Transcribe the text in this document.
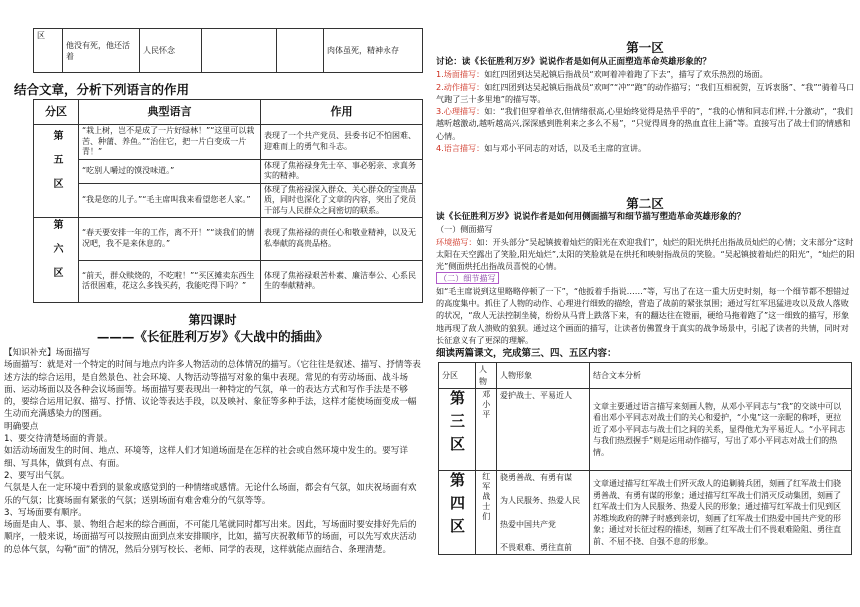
区	他没有死，他还活着	人民怀念			肉体虽死，精神永存
结合文章，分析下列语言的作用
分区	典型语言	作用
第五区	“栽上树，岂不是成了一片好绿林！”“这里可以栽苦、种蒲、养鱼。”“治住它，把一片白变成一片青！”	表现了一个共产党员、县委书记不怕困难、迎难而上的勇气和斗志。
	“吃别人嚼过的馍没味道。”	体现了焦裕禄身先士卒、事必躬亲、求真务实的精神。
	“我是您的儿子。”“毛主席叫我来看望您老人家。”	体现了焦裕禄深入群众、关心群众的宝贵品质，同时也深化了文章的内容，突出了党员干部与人民群众之间密切的联系。
第六区	“春天要安排一年的工作，离不开！”“谈我们的情况吧，我不是来休息的。”	表现了焦裕禄的责任心和敬业精神，以及无私奉献的高贵品格。
	“前天，群众赎烧的，不吃啦！”“买区摊卖东西生活很困难，花这么多钱买药，我能吃得下吗？”	体现了焦裕禄艰苦朴素、廉洁奉公、心系民生的奉献精神。
第四课时
———《长征胜利万岁》《大战中的插曲》

【知识补充】场面描写

场面描写：就是对一个特定的时间与地点内许多人物活动的总体情况的描写。（它往往是叙述、描写、抒情等表述方法的综合运用，是自然景色、社会环境、人物活动等描写对象的集中表现。常见的有劳动场面、战斗场面、运动场面以及各种会议场面等。场面描写要表现出一种特定的气氛，单一的表达方式和写作手法是不够的，要综合运用记叙、描写、抒情、议论等表达手段，以及映衬、象征等多种手法，这样才能使场面变成一幅生动而充满感染力的图画。

明确要点

1、要交待清楚场面的背景。

如活动场面发生的时间、地点、环境等，这样人们才知道场面是在怎样的社会或自然环境中发生的。要写详细、写具体，做到有点、有面。

2、要写出气氛。

气氛是人在一定环境中看到的景象或感觉到的一种情绪或感情。无论什么场面，都会有气氛，如庆祝场面有欢乐的气氛；比赛场面有紧张的气氛；送别场面有难舍难分的气氛等等。

3、写场面要有顺序。

场面是由人、事、景、物组合起来的综合画面，不可能几笔就同时都写出来。因此，写场面时要安排好先后的顺序，一般来说，场面描写可以按照由面到点来安排顺序，比如，描写庆祝教师节的场面，可以先写欢庆活动的总体气氛，勾勒“面”的情况，然后分别写校长、老师、同学的表现，这样就能点面结合、条理清楚。

第一区

讨论：读《长征胜利万岁》说说作者是如何从正面塑造革命英雄形象的？

1.场面描写：如红四团到达吴起镇后指战员“欢呵着冲着跑了下去”，描写了欢乐热烈的场面。

2.动作描写：如红四团到达吴起镇后指战员“欢呵”“冲”“跑”的动作描写；“我们互相祝贺，互诉衷肠”、“我”“骑着马口气跑了三十多里地”的描写等。

3.心理描写：如：“我们但穿着单衣,但情绪很高,心里始终觉得是热乎乎的”，“我的心情和同志们样,十分激动”，“我们越听越激动,越听越高兴,深深感到胜利来之多么不易”，“只觉得周身的热血直往上涌”等。直接写出了战士们的情感和心情。

4.语言描写：如与邓小平同志的对话，以及毛主席的宣讲。

第二区

读《长征胜利万岁》说说作者是如何用侧面描写和细节描写塑造革命英雄形象的？

（一）侧面描写

环境描写：如：开头部分“吴起镇披着灿烂的阳光在欢迎我们”，灿烂的阳光烘托出指战员灿烂的心情；文末部分“这时太阳在天空露出了笑脸,阳光灿烂”,太阳的笑脸就是在烘托和映射指战员的笑脸。“吴起镇披着灿烂的阳光”，“灿烂的阳光”侧面烘托出指战员喜悦的心情。

（二）细节描写

如“毛主席说到这里略略停顿了一下”，“他扳着手指说……”等，写出了在这一重大历史时刻，每一个细节都不想错过的高度集中。抓住了人物的动作、心理进行细致的描绘，营造了战前的紧张氛围；通过写红军迅猛进攻以及敌人落败的状况，“敌人无法控制坐骑，纷纷从马背上跌落下来，有的翻达往在镫丽，硬给马拖着跑了”这一细致的描写，形象地再现了敌人溃败的狼狈。通过这个画面的描写，让读者仿佛置身于真实的战争场景中，引起了读者的共情，同时对长征意义有了更深的理解。

细读两篇课文，完成第三、四、五区内容：

分区	人物	人物形象	结合文本分析
第三区	邓小平	爱护战士、平易近人	文章主要通过语言描写来刻画人物，从邓小平同志与“我”的交谈中可以看出邓小平同志对战士们的关心和爱护，“小鬼”这一亲昵的称呼，更拉近了邓小平同志与战士们之间的关系，显得他尤为平易近人。“小平同志与我们热烈握手”则是运用动作描写，写出了邓小平同志对战士们的热情。
第四区	红军战士们	骁勇善战、有勇有谋

为人民服务、热爱人民

热爱中国共产党

不畏艰难、勇往直前	文章通过描写红军战士们歼灭敌人的追剿骑兵团，刻画了红军战士们骁勇善战、有勇有谋的形象；通过描写红军战士们消灭反动集团，刻画了红军战士们为人民服务、热爱人民的形象；通过描写红军战士们见到区苏维埃政府的牌子时感到亲切，刻画了红军战士们热爱中国共产党的形象；通过对长征过程的描述，刻画了红军战士们不畏艰难险阻、勇往直前、不屈不挠、自强不息的形象。
